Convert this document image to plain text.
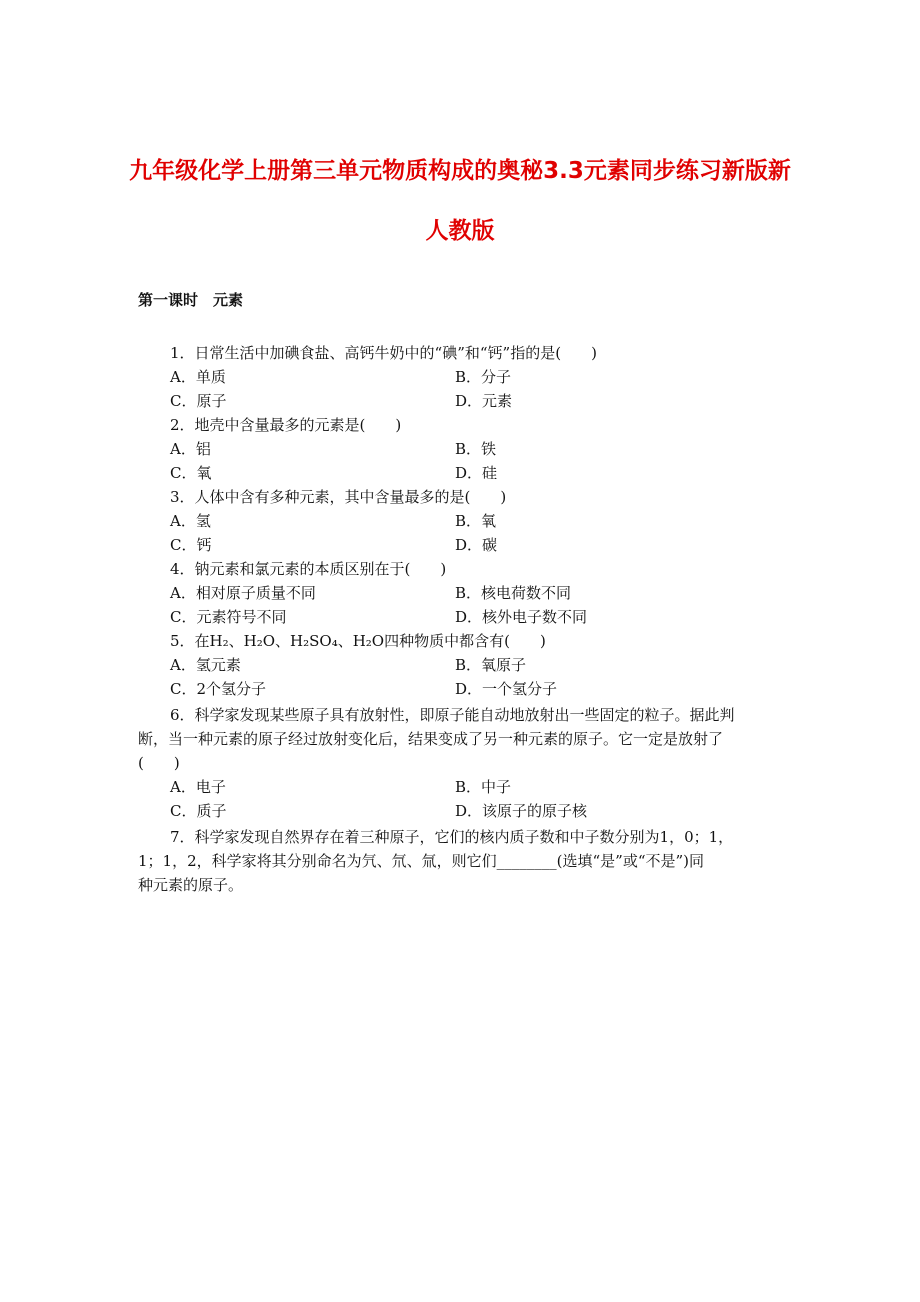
九年级化学上册第三单元物质构成的奥秘3.3元素同步练习新版新
人教版
第一课时　元素
1．日常生活中加碘食盐、高钙牛奶中的“碘”和“钙”指的是(　　)
A．单质	B．分子
C．原子	D．元素
2．地壳中含量最多的元素是(　　)
A．铝	B．铁
C．氧	D．硅
3．人体中含有多种元素，其中含量最多的是(　　)
A．氢	B．氧
C．钙	D．碳
4．钠元素和氯元素的本质区别在于(　　)
A．相对原子质量不同	B．核电荷数不同
C．元素符号不同	D．核外电子数不同
5．在H₂、H₂O、H₂SO₄、H₂O四种物质中都含有(　　)
A．氢元素	B．氧原子
C．2个氢分子	D．一个氢分子
6．科学家发现某些原子具有放射性，即原子能自动地放射出一些固定的粒子。据此判
断，当一种元素的原子经过放射变化后，结果变成了另一种元素的原子。它一定是放射了
(　　)
A．电子	B．中子
C．质子	D．该原子的原子核
7．科学家发现自然界存在着三种原子，它们的核内质子数和中子数分别为1，0；1，
1；1，2，科学家将其分别命名为氕、氘、氚，则它们________(选填“是”或“不是”)同
种元素的原子。
